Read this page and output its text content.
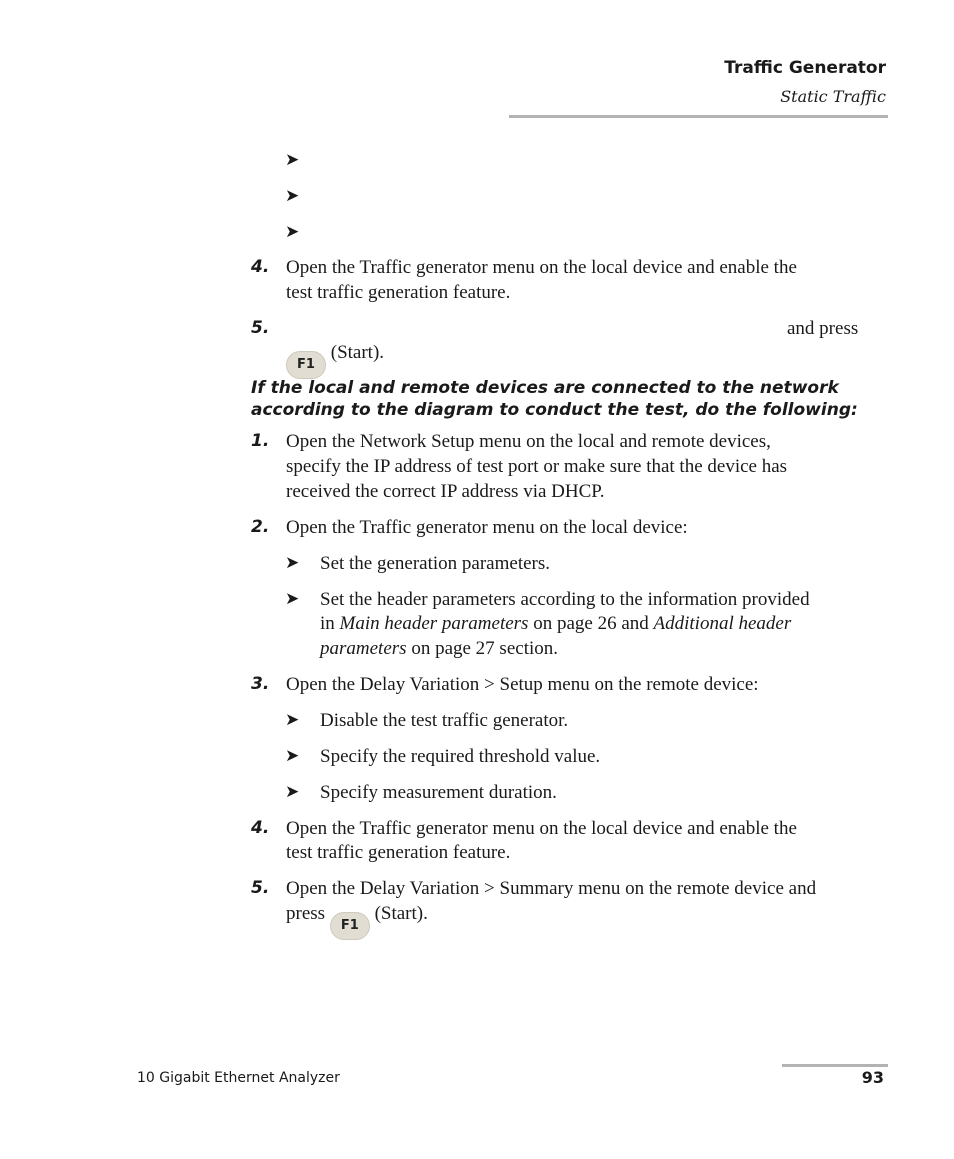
Traffic Generator
Static Traffic
➤
➤
➤
4. Open the Traffic generator menu on the local device and enable the
test traffic generation feature.
5.	and press
F1 (Start).
If the local and remote devices are connected to the network according to the diagram to conduct the test, do the following:
1. Open the Network Setup menu on the local and remote devices,
specify the IP address of test port or make sure that the device has
received the correct IP address via DHCP.
2. Open the Traffic generator menu on the local device:
➤ Set the generation parameters.
➤ Set the header parameters according to the information provided
in Main header parameters on page 26 and Additional header
parameters on page 27 section.
3. Open the Delay Variation > Setup menu on the remote device:
➤ Disable the test traffic generator.
➤ Specify the required threshold value.
➤ Specify measurement duration.
4. Open the Traffic generator menu on the local device and enable the
test traffic generation feature.
5. Open the Delay Variation > Summary menu on the remote device and
press F1 (Start).
10 Gigabit Ethernet Analyzer	93
